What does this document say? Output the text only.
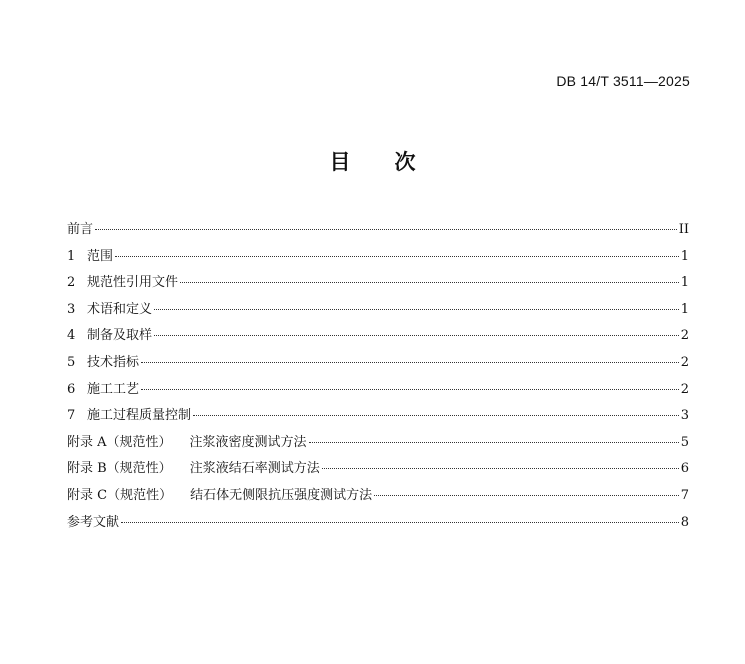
DB 14/T 3511—2025
目 次
前言	II
1 范围	1
2 规范性引用文件	1
3 术语和定义	1
4 制备及取样	2
5 技术指标	2
6 施工工艺	2
7 施工过程质量控制	3
附录 A（规范性） 注浆液密度测试方法	5
附录 B（规范性） 注浆液结石率测试方法	6
附录 C（规范性） 结石体无侧限抗压强度测试方法	7
参考文献	8
